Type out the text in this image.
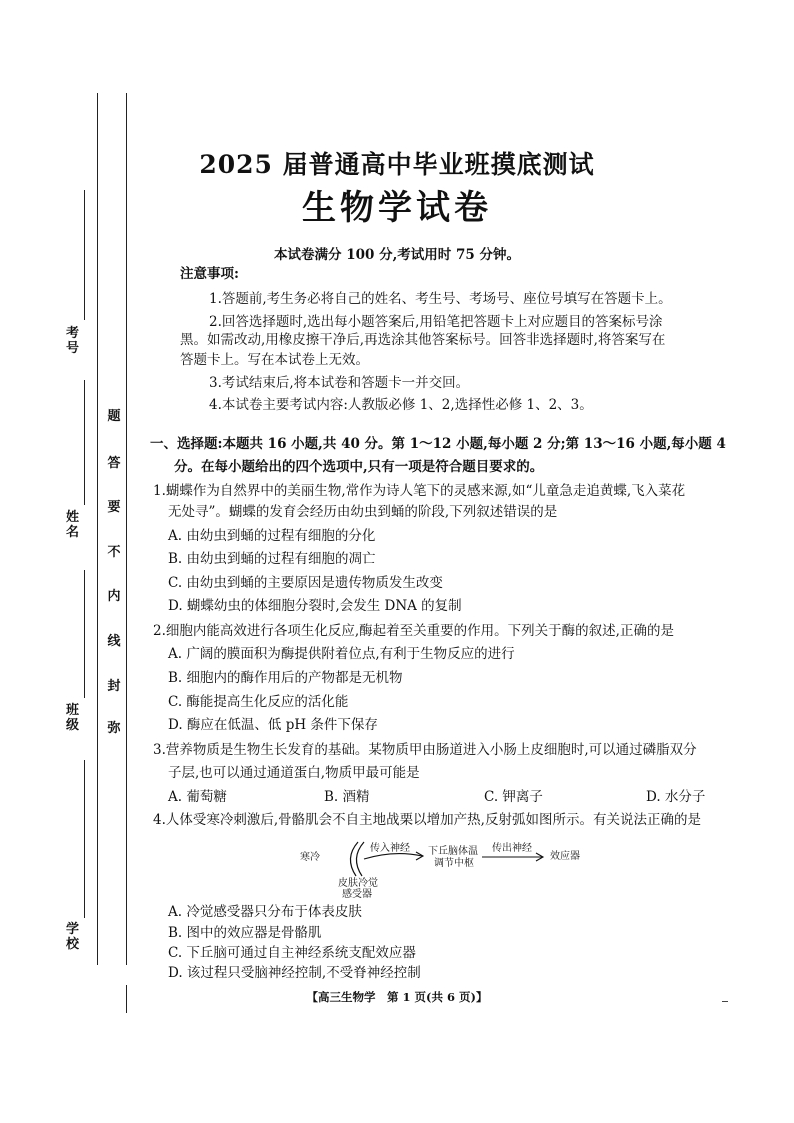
考号
姓名
班级
学校
题
答
要
不
内
线
封
弥
2025 届普通高中毕业班摸底测试
生物学试卷
本试卷满分 100 分,考试用时 75 分钟。
注意事项:
1.答题前,考生务必将自己的姓名、考生号、考场号、座位号填写在答题卡上。
2.回答选择题时,选出每小题答案后,用铅笔把答题卡上对应题目的答案标号涂
黑。如需改动,用橡皮擦干净后,再选涂其他答案标号。回答非选择题时,将答案写在
答题卡上。写在本试卷上无效。
3.考试结束后,将本试卷和答题卡一并交回。
4.本试卷主要考试内容:人教版必修 1、2,选择性必修 1、2、3。
一、选择题:本题共 16 小题,共 40 分。第 1～12 小题,每小题 2 分;第 13～16 小题,每小题 4
分。在每小题给出的四个选项中,只有一项是符合题目要求的。
1.蝴蝶作为自然界中的美丽生物,常作为诗人笔下的灵感来源,如“儿童急走追黄蝶,飞入菜花
无处寻”。蝴蝶的发育会经历由幼虫到蛹的阶段,下列叙述错误的是
A. 由幼虫到蛹的过程有细胞的分化
B. 由幼虫到蛹的过程有细胞的凋亡
C. 由幼虫到蛹的主要原因是遗传物质发生改变
D. 蝴蝶幼虫的体细胞分裂时,会发生 DNA 的复制
2.细胞内能高效进行各项生化反应,酶起着至关重要的作用。下列关于酶的叙述,正确的是
A. 广阔的膜面积为酶提供附着位点,有利于生物反应的进行
B. 细胞内的酶作用后的产物都是无机物
C. 酶能提高生化反应的活化能
D. 酶应在低温、低 pH 条件下保存
3.营养物质是生物生长发育的基础。某物质甲由肠道进入小肠上皮细胞时,可以通过磷脂双分
子层,也可以通过通道蛋白,物质甲最可能是
A. 葡萄糖	B. 酒精	C. 钾离子	D. 水分子
4.人体受寒冷刺激后,骨骼肌会不自主地战栗以增加产热,反射弧如图所示。有关说法正确的是
寒冷
传入神经 下丘脑体温
调节中枢
传出神经
效应器
皮肤冷觉
感受器
A. 冷觉感受器只分布于体表皮肤
B. 图中的效应器是骨骼肌
C. 下丘脑可通过自主神经系统支配效应器
D. 该过程只受脑神经控制,不受脊神经控制
【高三生物学　第 1 页(共 6 页)】
